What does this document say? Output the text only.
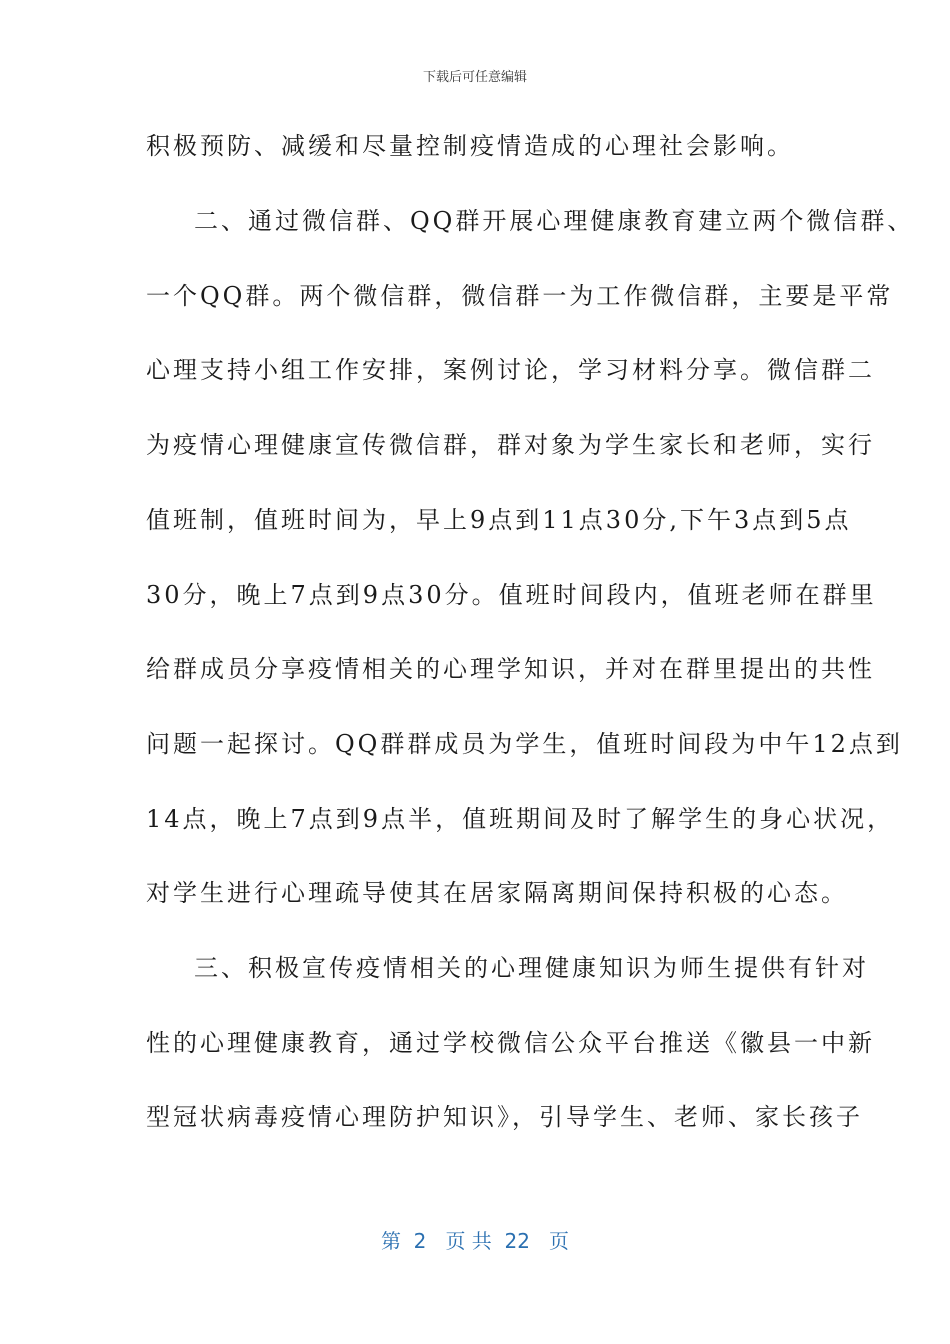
下载后可任意编辑
积极预防、减缓和尽量控制疫情造成的心理社会影响。
二、通过微信群、QQ群开展心理健康教育建立两个微信群、
一个QQ群。两个微信群，微信群一为工作微信群，主要是平常
心理支持小组工作安排，案例讨论，学习材料分享。微信群二
为疫情心理健康宣传微信群，群对象为学生家长和老师，实行
值班制，值班时间为，早上9点到11点30分,下午3点到5点
30分，晚上7点到9点30分。值班时间段内，值班老师在群里
给群成员分享疫情相关的心理学知识，并对在群里提出的共性
问题一起探讨。QQ群群成员为学生，值班时间段为中午12点到
14点，晚上7点到9点半，值班期间及时了解学生的身心状况，
对学生进行心理疏导使其在居家隔离期间保持积极的心态。
三、积极宣传疫情相关的心理健康知识为师生提供有针对
性的心理健康教育，通过学校微信公众平台推送《徽县一中新
型冠状病毒疫情心理防护知识》，引导学生、老师、家长孩子
第  2   页 共  22   页
